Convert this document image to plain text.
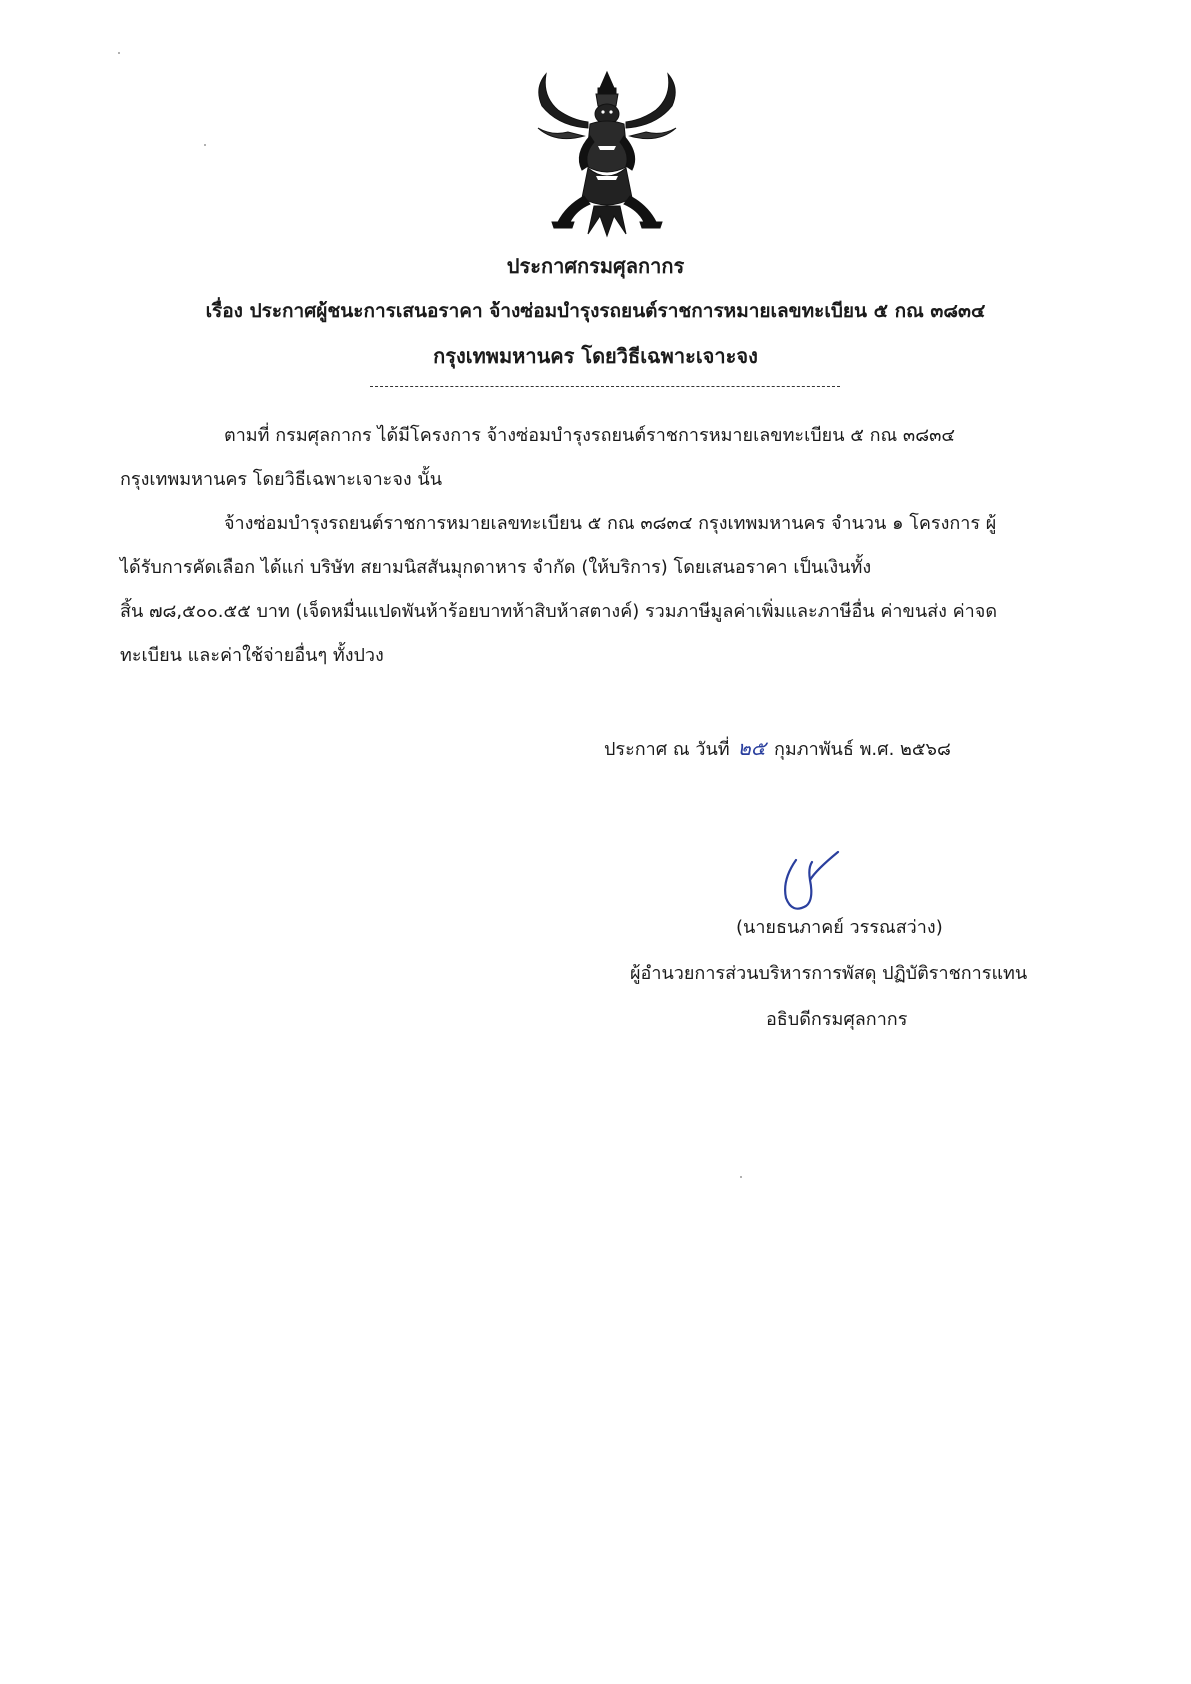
ประกาศกรมศุลกากร
เรื่อง ประกาศผู้ชนะการเสนอราคา จ้างซ่อมบำรุงรถยนต์ราชการหมายเลขทะเบียน ๕ กณ ๓๘๓๔
กรุงเทพมหานคร โดยวิธีเฉพาะเจาะจง
ตามที่ กรมศุลกากร ได้มีโครงการ จ้างซ่อมบำรุงรถยนต์ราชการหมายเลขทะเบียน ๕ กณ ๓๘๓๔
กรุงเทพมหานคร โดยวิธีเฉพาะเจาะจง นั้น
จ้างซ่อมบำรุงรถยนต์ราชการหมายเลขทะเบียน ๕ กณ ๓๘๓๔ กรุงเทพมหานคร จำนวน ๑ โครงการ ผู้
ได้รับการคัดเลือก ได้แก่ บริษัท สยามนิสสันมุกดาหาร จำกัด (ให้บริการ) โดยเสนอราคา เป็นเงินทั้ง
สิ้น ๗๘,๕๐๐.๕๕ บาท (เจ็ดหมื่นแปดพันห้าร้อยบาทห้าสิบห้าสตางค์) รวมภาษีมูลค่าเพิ่มและภาษีอื่น ค่าขนส่ง ค่าจด
ทะเบียน และค่าใช้จ่ายอื่นๆ ทั้งปวง
ประกาศ ณ วันที่ ๒๕ กุมภาพันธ์ พ.ศ. ๒๕๖๘
(นายธนภาคย์ วรรณสว่าง)
ผู้อำนวยการส่วนบริหารการพัสดุ ปฏิบัติราชการแทน
อธิบดีกรมศุลกากร
